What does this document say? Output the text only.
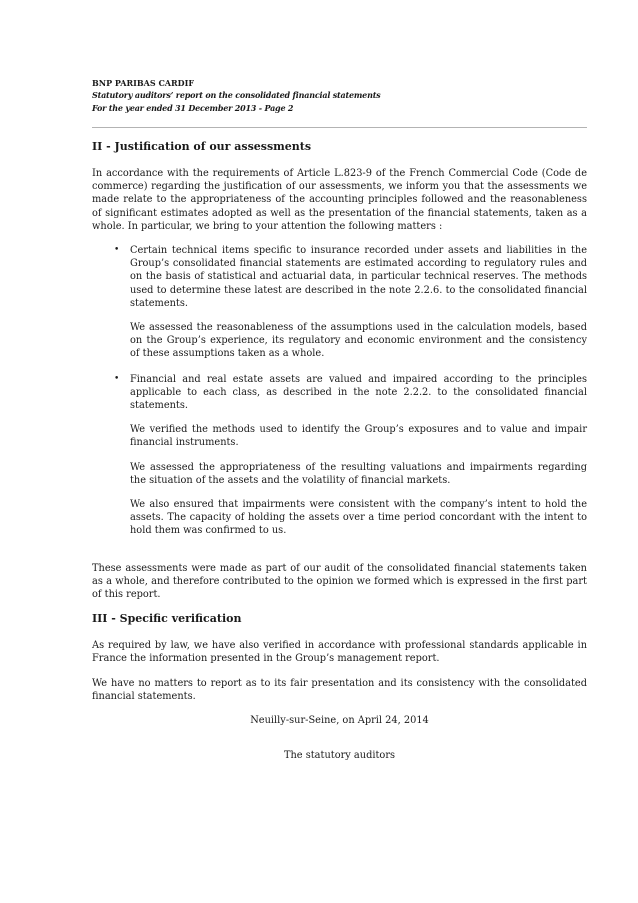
BNP PARIBAS CARDIF
Statutory auditors’ report on the consolidated financial statements
For the year ended 31 December 2013 - Page 2
II - Justification of our assessments

In accordance with the requirements of Article L.823-9 of the French Commercial Code (Code de commerce) regarding the justification of our assessments, we inform you that the assessments we made relate to the appropriateness of the accounting principles followed and the reasonableness of significant estimates adopted as well as the presentation of the financial statements, taken as a whole. In particular, we bring to your attention the following matters :

• Certain technical items specific to insurance recorded under assets and liabilities in the Group’s consolidated financial statements are estimated according to regulatory rules and on the basis of statistical and actuarial data, in particular technical reserves. The methods used to determine these latest are described in the note 2.2.6. to the consolidated financial statements.

We assessed the reasonableness of the assumptions used in the calculation models, based on the Group’s experience, its regulatory and economic environment and the consistency of these assumptions taken as a whole.

• Financial and real estate assets are valued and impaired according to the principles applicable to each class, as described in the note 2.2.2. to the consolidated financial statements.

We verified the methods used to identify the Group’s exposures and to value and impair financial instruments.

We assessed the appropriateness of the resulting valuations and impairments regarding the situation of the assets and the volatility of financial markets.

We also ensured that impairments were consistent with the company’s intent to hold the assets. The capacity of holding the assets over a time period concordant with the intent to hold them was confirmed to us.

These assessments were made as part of our audit of the consolidated financial statements taken as a whole, and therefore contributed to the opinion we formed which is expressed in the first part of this report.

III - Specific verification

As required by law, we have also verified in accordance with professional standards applicable in France the information presented in the Group’s management report.

We have no matters to report as to its fair presentation and its consistency with the consolidated financial statements.

Neuilly-sur-Seine, on April 24, 2014

The statutory auditors
